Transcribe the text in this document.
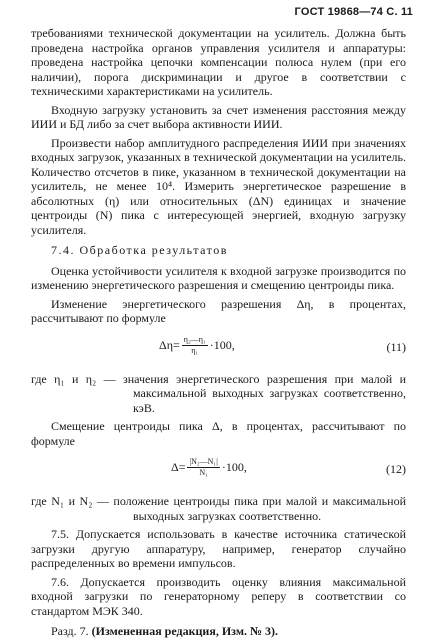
ГОСТ 19868—74 С. 11

требованиями технической документации на усилитель. Должна быть проведена настройка органов управления усилителя и аппаратуры: проведена настройка цепочки компенсации полюса нулем (при его наличии), порога дискриминации и другое в соответствии с техническими характеристиками на усилитель.

Входную загрузку установить за счет изменения расстояния между ИИИ и БД либо за счет выбора активности ИИИ.

Произвести набор амплитудного распределения ИИИ при значениях входных загрузок, указанных в технической документации на усилитель. Количество отсчетов в пике, указанном в технической документации на усилитель, не менее 10⁴. Измерить энергетическое разрешение в абсолютных (η) или относительных (ΔN) единицах и значение центроиды (N) пика с интересующей энергией, входную загрузку усилителя.

7.4. Обработка результатов

Оценка устойчивости усилителя к входной загрузке производится по изменению энергетического разрешения и смещению центроиды пика.

Изменение энергетического разрешения Δη, в процентах, рассчитывают по формуле

$\Delta\eta= \frac{\text{η₂—η₁}}{\text{η₁}} \cdot 100$,	(11)

где η₁ и η₂ — значения энергетического разрешения при малой и максимальной выходных загрузках соответственно, кэВ.

Смещение центроиды пика Δ, в процентах, рассчитывают по формуле

$\Delta= \frac{\text{|N₂—N₁|}}{\text{N₁}} \cdot 100$,	(12)

где N₁ и N₂ — положение центроиды пика при малой и максимальной выходных загрузках соответственно.

7.5. Допускается использовать в качестве источника статической загрузки другую аппаратуру, например, генератор случайно распределенных во времени импульсов.

7.6. Допускается производить оценку влияния максимальной входной загрузки по генераторному реперу в соответствии со стандартом МЭК 340.

Разд. 7. (Измененная редакция, Изм. № 3).
